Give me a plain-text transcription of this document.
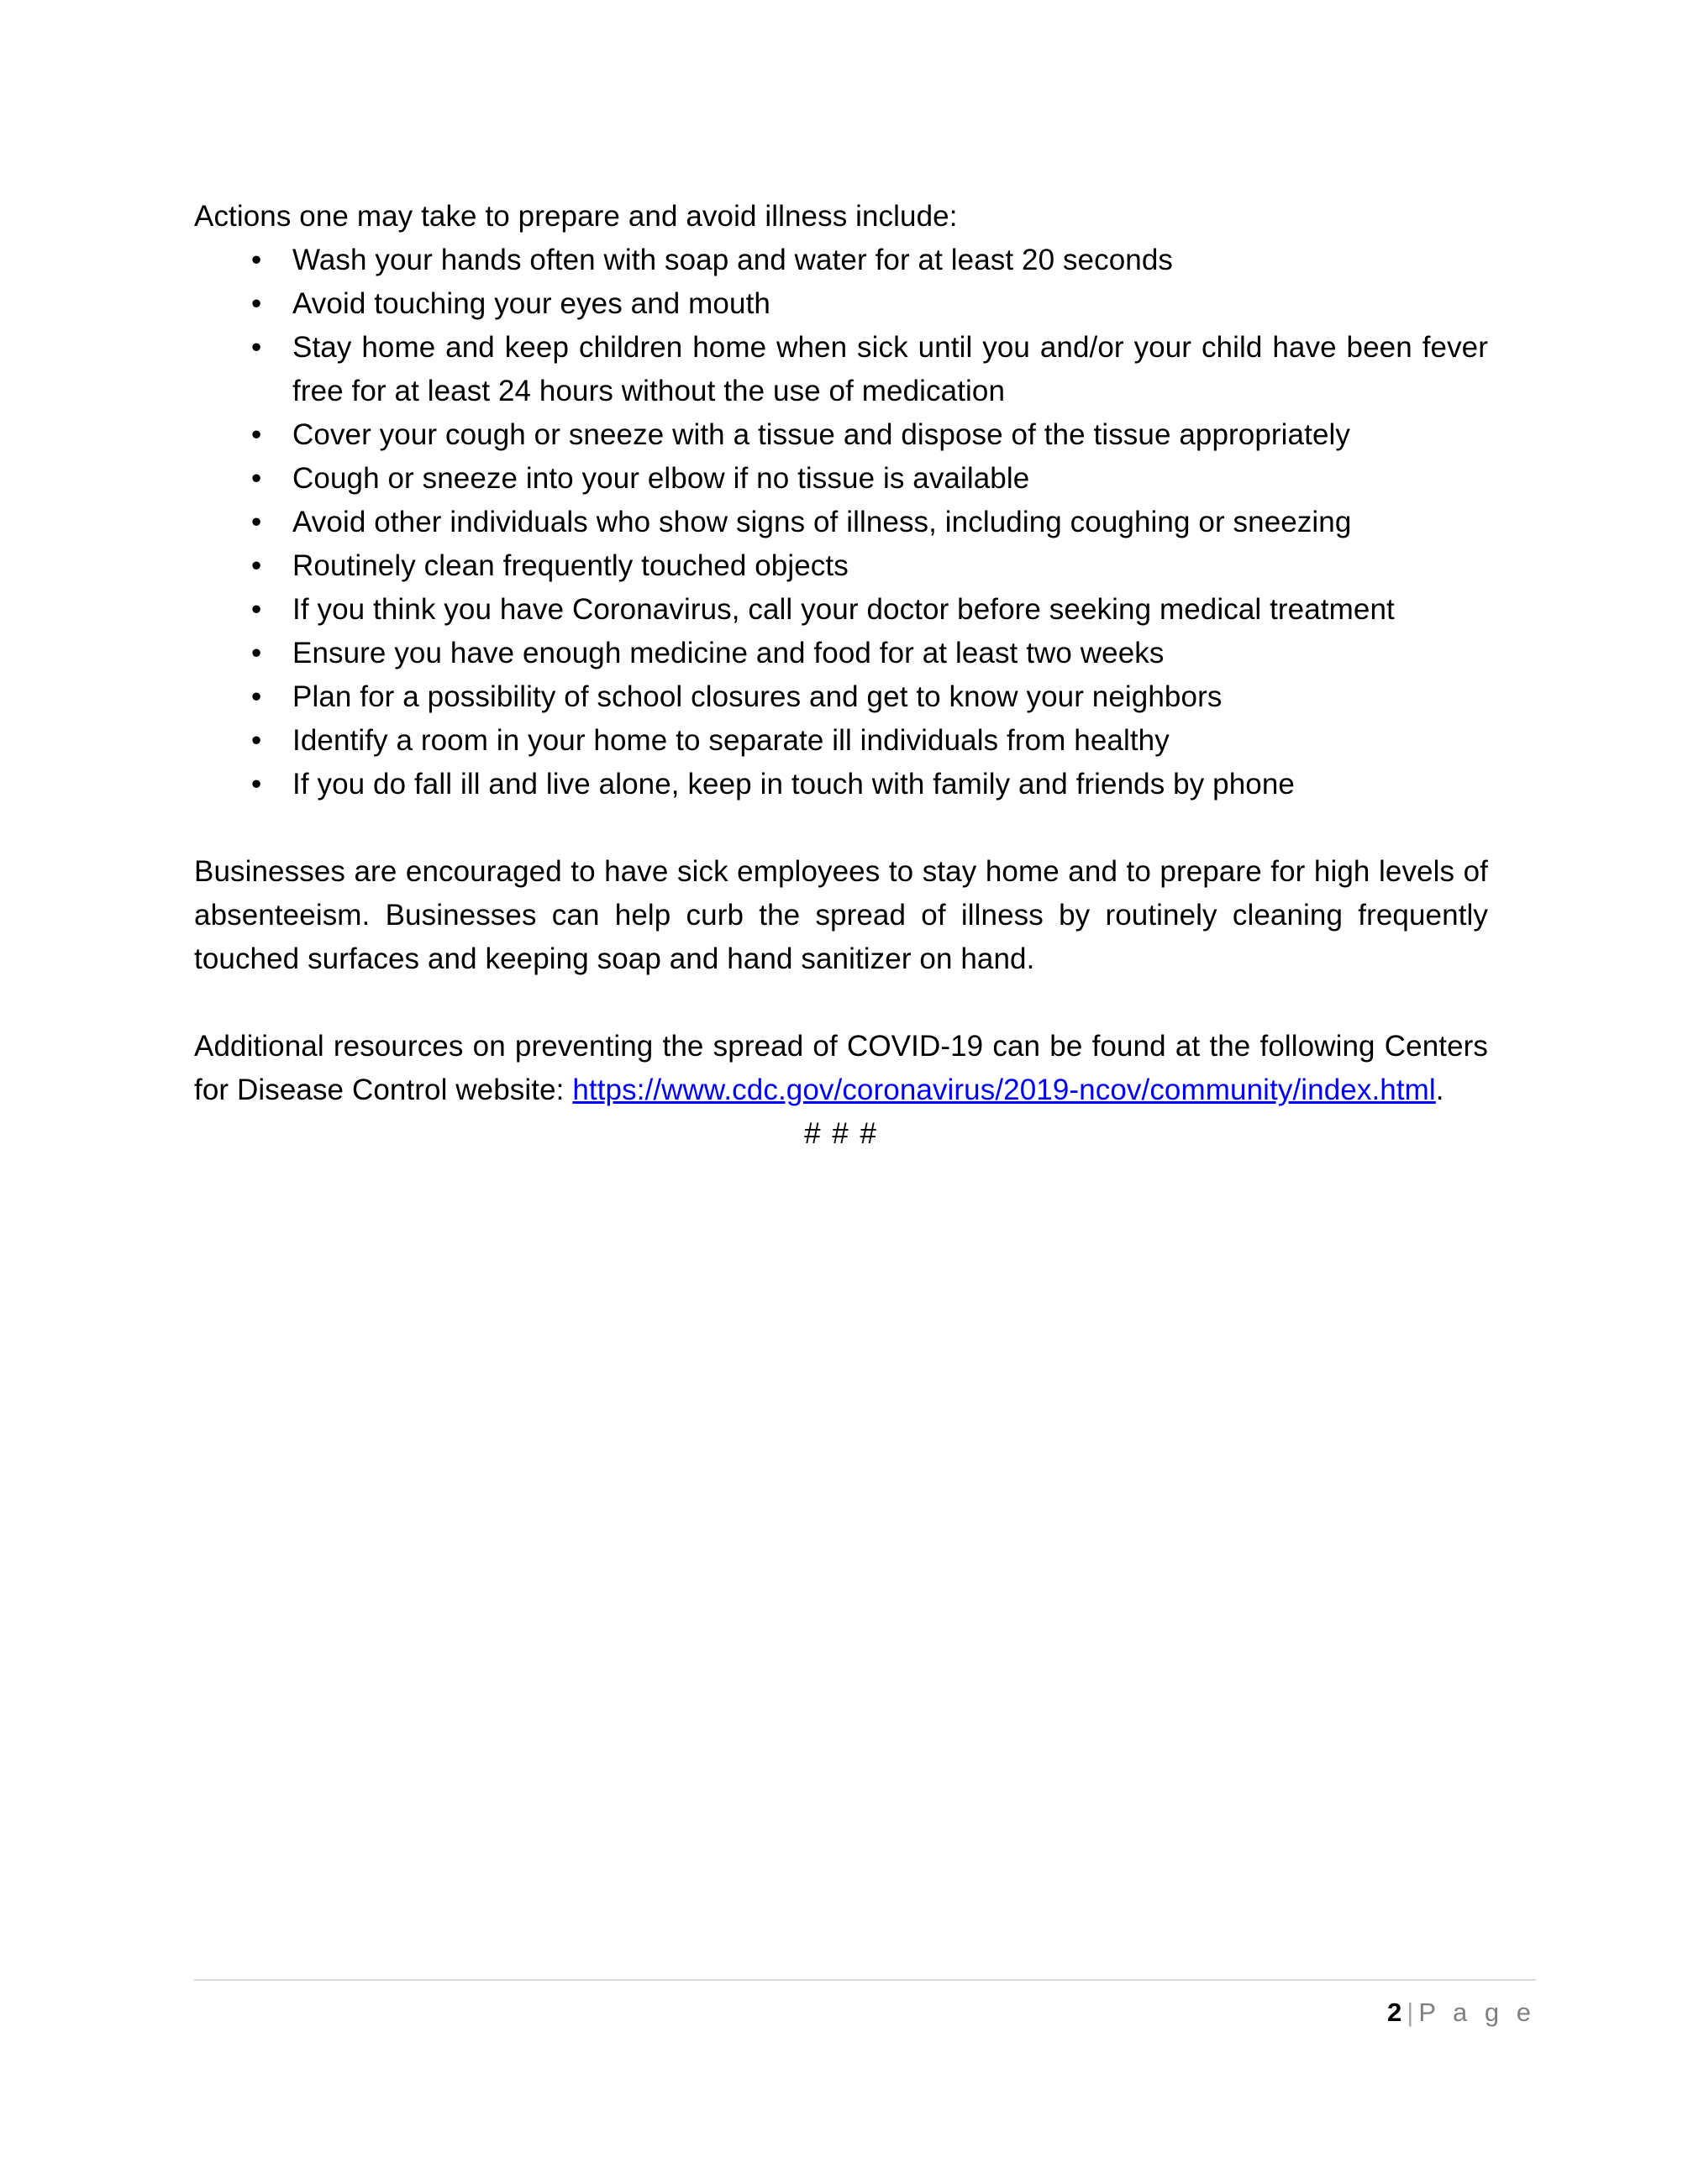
Actions one may take to prepare and avoid illness include:

• Wash your hands often with soap and water for at least 20 seconds
• Avoid touching your eyes and mouth
• Stay home and keep children home when sick until you and/or your child have been fever free for at least 24 hours without the use of medication
• Cover your cough or sneeze with a tissue and dispose of the tissue appropriately
• Cough or sneeze into your elbow if no tissue is available
• Avoid other individuals who show signs of illness, including coughing or sneezing
• Routinely clean frequently touched objects
• If you think you have Coronavirus, call your doctor before seeking medical treatment
• Ensure you have enough medicine and food for at least two weeks
• Plan for a possibility of school closures and get to know your neighbors
• Identify a room in your home to separate ill individuals from healthy
• If you do fall ill and live alone, keep in touch with family and friends by phone

Businesses are encouraged to have sick employees to stay home and to prepare for high levels of absenteeism. Businesses can help curb the spread of illness by routinely cleaning frequently touched surfaces and keeping soap and hand sanitizer on hand.

Additional resources on preventing the spread of COVID-19 can be found at the following Centers for Disease Control website: https://www.cdc.gov/coronavirus/2019-ncov/community/index.html.

# # #

2 | P a g e
